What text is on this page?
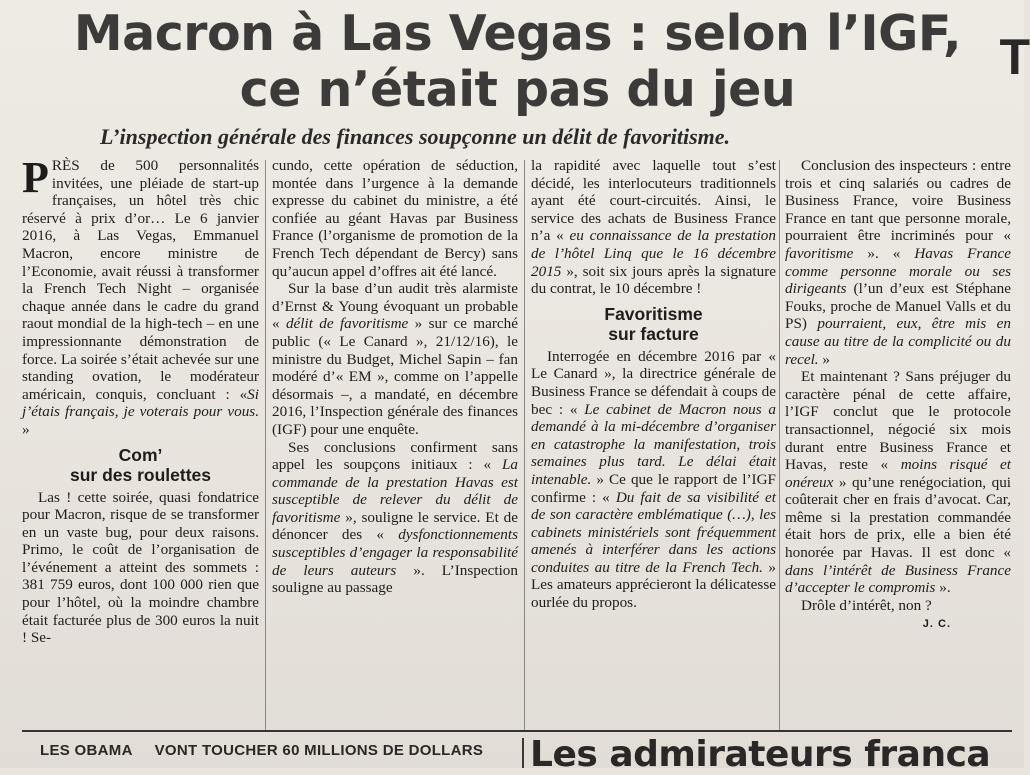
T
Macron à Las Vegas : selon l’IGF,
ce n’était pas du jeu

L’inspection générale des finances soupçonne un délit de favoritisme.

PRÈS de 500 personnalités invitées, une pléiade de start-up françaises, un hôtel très chic réservé à prix d’or… Le 6 janvier 2016, à Las Vegas, Emmanuel Macron, encore ministre de l’Economie, avait réussi à transformer la French Tech Night – organisée chaque année dans le cadre du grand raout mondial de la high-tech – en une impressionnante démonstration de force. La soirée s’était achevée sur une standing ovation, le modérateur américain, conquis, concluant : «Si j’étais français, je voterais pour vous. »

Com’
sur des roulettes

Las ! cette soirée, quasi fondatrice pour Macron, risque de se transformer en un vaste bug, pour deux raisons. Primo, le coût de l’organisation de l’événement a atteint des sommets : 381 759 euros, dont 100 000 rien que pour l’hôtel, où la moindre chambre était facturée plus de 300 euros la nuit ! Se-

cundo, cette opération de séduction, montée dans l’urgence à la demande expresse du cabinet du ministre, a été confiée au géant Havas par Business France (l’organisme de promotion de la French Tech dépendant de Bercy) sans qu’aucun appel d’offres ait été lancé.

Sur la base d’un audit très alarmiste d’Ernst & Young évoquant un probable « délit de favoritisme » sur ce marché public (« Le Canard », 21/12/16), le ministre du Budget, Michel Sapin – fan modéré d’« EM », comme on l’appelle désormais –, a mandaté, en décembre 2016, l’Inspection générale des finances (IGF) pour une enquête.

Ses conclusions confirment sans appel les soupçons initiaux : « La commande de la prestation Havas est susceptible de relever du délit de favoritisme », souligne le service. Et de dénoncer des « dysfonctionnements susceptibles d’engager la responsabilité de leurs auteurs ». L’Inspection souligne au passage

la rapidité avec laquelle tout s’est décidé, les interlocuteurs traditionnels ayant été court-circuités. Ainsi, le service des achats de Business France n’a « eu connaissance de la prestation de l’hôtel Linq que le 16 décembre 2015 », soit six jours après la signature du contrat, le 10 décembre !

Favoritisme
sur facture

Interrogée en décembre 2016 par « Le Canard », la directrice générale de Business France se défendait à coups de bec : « Le cabinet de Macron nous a demandé à la mi-décembre d’organiser en catastrophe la manifestation, trois semaines plus tard. Le délai était intenable. » Ce que le rapport de l’IGF confirme : « Du fait de sa visibilité et de son caractère emblématique (…), les cabinets ministériels sont fréquemment amenés à interférer dans les actions conduites au titre de la French Tech. » Les amateurs apprécieront la délicatesse ourlée du propos.

Conclusion des inspecteurs : entre trois et cinq salariés ou cadres de Business France, voire Business France en tant que personne morale, pourraient être incriminés pour « favoritisme ». « Havas France comme personne morale ou ses dirigeants (l’un d’eux est Stéphane Fouks, proche de Manuel Valls et du PS) pourraient, eux, être mis en cause au titre de la complicité ou du recel. »

Et maintenant ? Sans préjuger du caractère pénal de cette affaire, l’IGF conclut que le protocole transactionnel, négocié six mois durant entre Business France et Havas, reste « moins risqué et onéreux » qu’une renégociation, qui coûterait cher en frais d’avocat. Car, même si la prestation commandée était hors de prix, elle a bien été honorée par Havas. Il est donc « dans l’intérêt de Business France d’accepter le compromis ».

Drôle d’intérêt, non ?

J. C.
LES OBAMA VONT TOUCHER 60 MILLIONS DE DOLLARS	Les admirateurs franca
